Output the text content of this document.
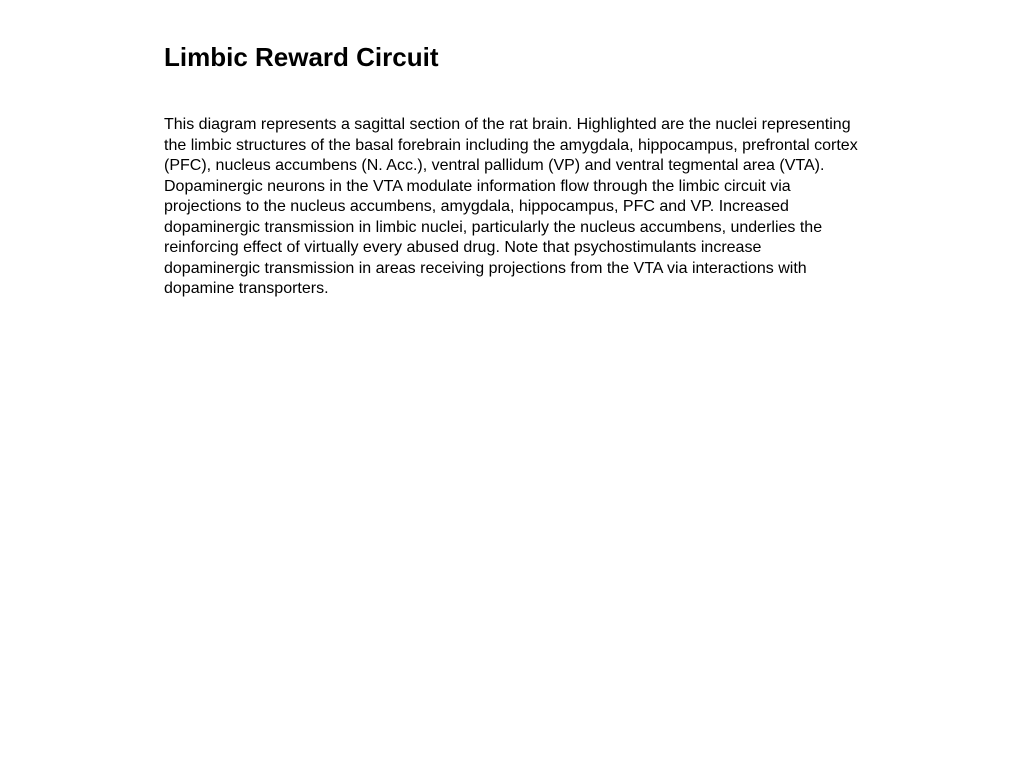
Limbic Reward Circuit

This diagram represents a sagittal section of the rat brain. Highlighted are the nuclei representing
the limbic structures of the basal forebrain including the amygdala, hippocampus, prefrontal cortex
(PFC), nucleus accumbens (N. Acc.), ventral pallidum (VP) and ventral tegmental area (VTA).
Dopaminergic neurons in the VTA modulate information flow through the limbic circuit via
projections to the nucleus accumbens, amygdala, hippocampus, PFC and VP. Increased
dopaminergic transmission in limbic nuclei, particularly the nucleus accumbens, underlies the
reinforcing effect of virtually every abused drug. Note that psychostimulants increase
dopaminergic transmission in areas receiving projections from the VTA via interactions with
dopamine transporters.
